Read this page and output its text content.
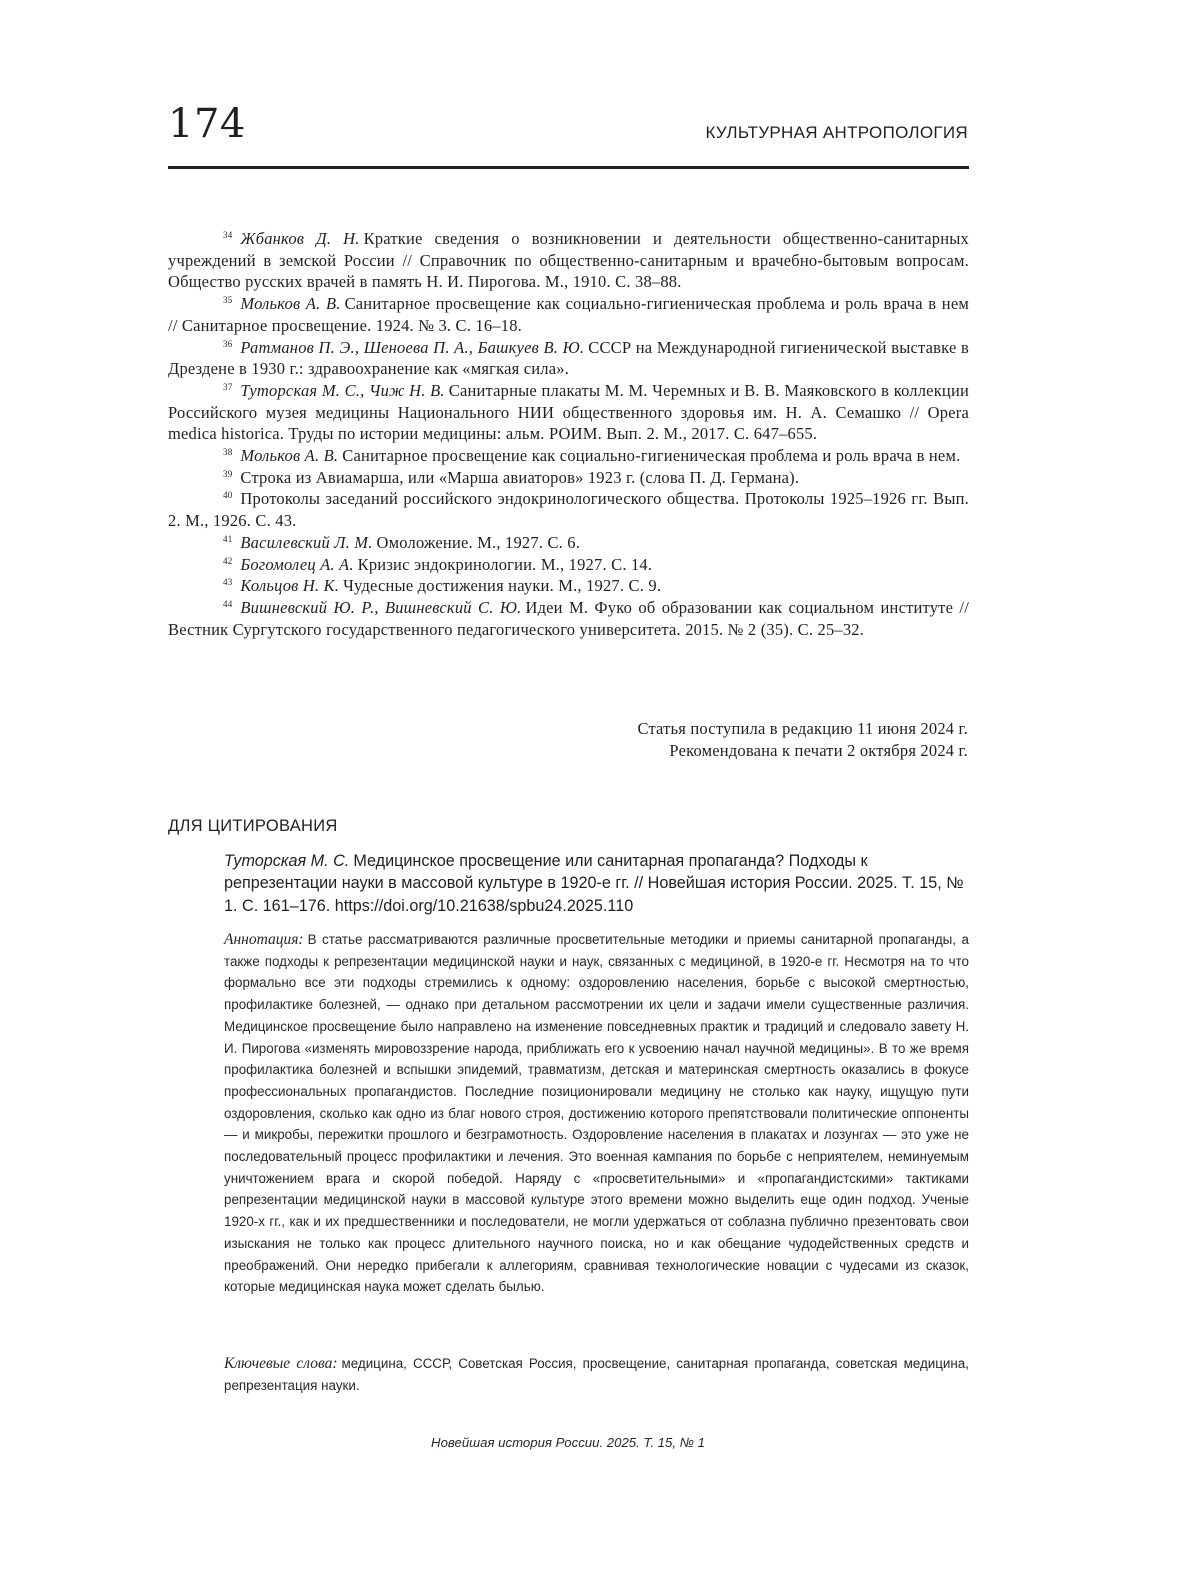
174	КУЛЬТУРНАЯ АНТРОПОЛОГИЯ

$^{34}$ Жбанков Д. Н. Краткие сведения о возникновении и деятельности общественно-санитарных учреждений в земской России // Справочник по общественно-санитарным и врачебно-бытовым вопросам. Общество русских врачей в память Н. И. Пирогова. М., 1910. С. 38–88.

$^{35}$ Мольков А. В. Санитарное просвещение как социально-гигиеническая проблема и роль врача в нем // Санитарное просвещение. 1924. № 3. С. 16–18.

$^{36}$ Ратманов П. Э., Шеноева П. А., Башкуев В. Ю. СССР на Международной гигиенической выставке в Дрездене в 1930 г.: здравоохранение как «мягкая сила».

$^{37}$ Туторская М. С., Чиж Н. В. Санитарные плакаты М. М. Черемных и В. В. Маяковского в коллекции Российского музея медицины Национального НИИ общественного здоровья им. Н. А. Семашко // Opera medica historica. Труды по истории медицины: альм. РОИМ. Вып. 2. М., 2017. С. 647–655.

$^{38}$ Мольков А. В. Санитарное просвещение как социально-гигиеническая проблема и роль врача в нем.

$^{39}$ Строка из Авиамарша, или «Марша авиаторов» 1923 г. (слова П. Д. Германа).

$^{40}$ Протоколы заседаний российского эндокринологического общества. Протоколы 1925–1926 гг. Вып. 2. М., 1926. С. 43.

$^{41}$ Василевский Л. М. Омоложение. М., 1927. С. 6.

$^{42}$ Богомолец А. А. Кризис эндокринологии. М., 1927. С. 14.

$^{43}$ Кольцов Н. К. Чудесные достижения науки. М., 1927. С. 9.

$^{44}$ Вишневский Ю. Р., Вишневский С. Ю. Идеи М. Фуко об образовании как социальном институте // Вестник Сургутского государственного педагогического университета. 2015. № 2 (35). С. 25–32.

Статья поступила в редакцию 11 июня 2024 г.
Рекомендована к печати 2 октября 2024 г.
ДЛЯ ЦИТИРОВАНИЯ
Туторская М. С. Медицинское просвещение или санитарная пропаганда? Подходы к репрезентации науки в массовой культуре в 1920-е гг. // Новейшая история России. 2025. Т. 15, № 1. С. 161–176. https://doi.org/10.21638/spbu24.2025.110
Аннотация: В статье рассматриваются различные просветительные методики и приемы санитарной пропаганды, а также подходы к репрезентации медицинской науки и наук, связанных с медициной, в 1920-е гг. Несмотря на то что формально все эти подходы стремились к одному: оздоровлению населения, борьбе с высокой смертностью, профилактике болезней, — однако при детальном рассмотрении их цели и задачи имели существенные различия. Медицинское просвещение было направлено на изменение повседневных практик и традиций и следовало завету Н. И. Пирогова «изменять мировоззрение народа, приближать его к усвоению начал научной медицины». В то же время профилактика болезней и вспышки эпидемий, травматизм, детская и материнская смертность оказались в фокусе профессиональных пропагандистов. Последние позиционировали медицину не столько как науку, ищущую пути оздоровления, сколько как одно из благ нового строя, достижению которого препятствовали политические оппоненты — и микробы, пережитки прошлого и безграмотность. Оздоровление населения в плакатах и лозунгах — это уже не последовательный процесс профилактики и лечения. Это военная кампания по борьбе с неприятелем, неминуемым уничтожением врага и скорой победой. Наряду с «просветительными» и «пропагандистскими» тактиками репрезентации медицинской науки в массовой культуре этого времени можно выделить еще один подход. Ученые 1920-х гг., как и их предшественники и последователи, не могли удержаться от соблазна публично презентовать свои изыскания не только как процесс длительного научного поиска, но и как обещание чудодейственных средств и преображений. Они нередко прибегали к аллегориям, сравнивая технологические новации с чудесами из сказок, которые медицинская наука может сделать былью.
Ключевые слова: медицина, СССР, Советская Россия, просвещение, санитарная пропаганда, советская медицина, репрезентация науки.
Новейшая история России. 2025. Т. 15, № 1
